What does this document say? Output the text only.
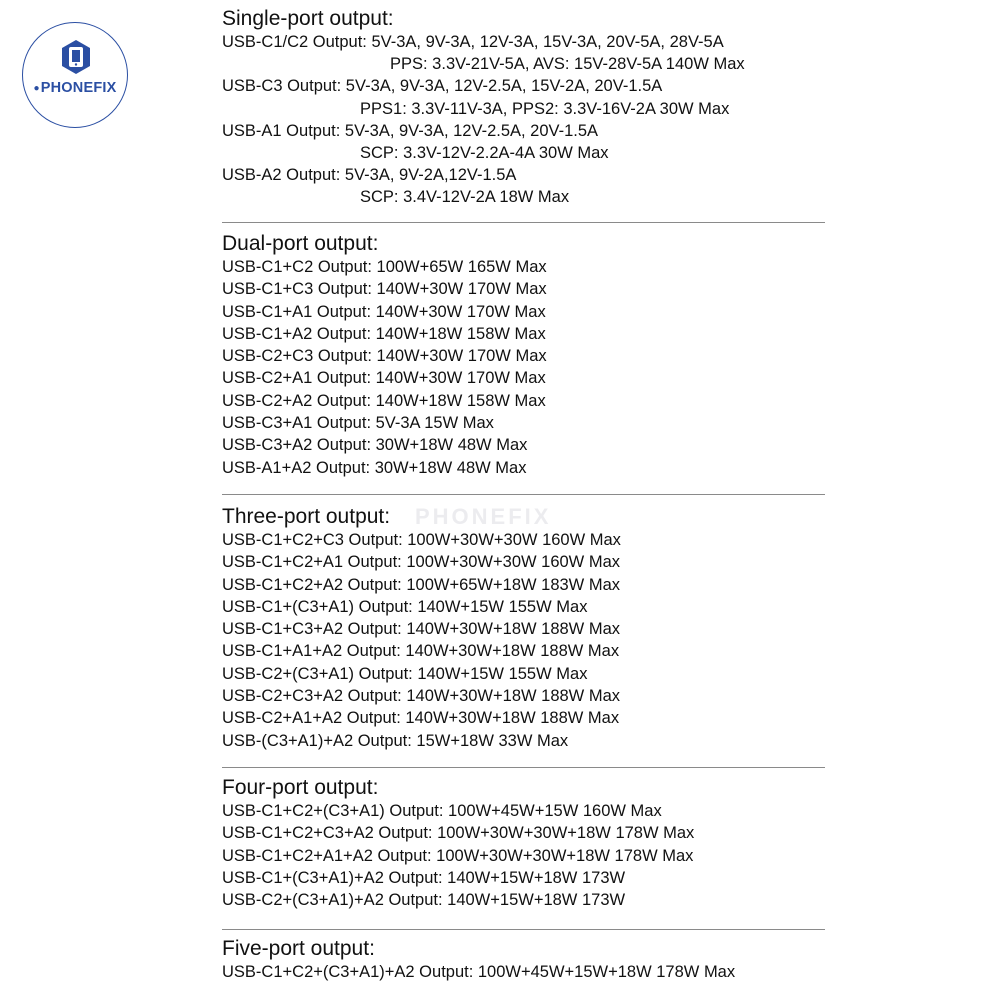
●PHONEFIX
PHONEFIX
Single-port output:
USB-C1/C2 Output: 5V-3A, 9V-3A, 12V-3A, 15V-3A, 20V-5A, 28V-5A
PPS: 3.3V-21V-5A, AVS: 15V-28V-5A 140W Max
USB-C3 Output: 5V-3A, 9V-3A, 12V-2.5A, 15V-2A, 20V-1.5A
PPS1: 3.3V-11V-3A, PPS2: 3.3V-16V-2A 30W Max
USB-A1 Output: 5V-3A, 9V-3A, 12V-2.5A, 20V-1.5A
SCP: 3.3V-12V-2.2A-4A 30W Max
USB-A2 Output: 5V-3A, 9V-2A,12V-1.5A
SCP: 3.4V-12V-2A 18W Max
Dual-port output:
USB-C1+C2 Output: 100W+65W 165W Max
USB-C1+C3 Output: 140W+30W 170W Max
USB-C1+A1 Output: 140W+30W 170W Max
USB-C1+A2 Output: 140W+18W 158W Max
USB-C2+C3 Output: 140W+30W 170W Max
USB-C2+A1 Output: 140W+30W 170W Max
USB-C2+A2 Output: 140W+18W 158W Max
USB-C3+A1 Output: 5V-3A 15W Max
USB-C3+A2 Output: 30W+18W 48W Max
USB-A1+A2 Output: 30W+18W 48W Max
Three-port output:
USB-C1+C2+C3 Output: 100W+30W+30W 160W Max
USB-C1+C2+A1 Output: 100W+30W+30W 160W Max
USB-C1+C2+A2 Output: 100W+65W+18W 183W Max
USB-C1+(C3+A1) Output: 140W+15W 155W Max
USB-C1+C3+A2 Output: 140W+30W+18W 188W Max
USB-C1+A1+A2 Output: 140W+30W+18W 188W Max
USB-C2+(C3+A1) Output: 140W+15W 155W Max
USB-C2+C3+A2 Output: 140W+30W+18W 188W Max
USB-C2+A1+A2 Output: 140W+30W+18W 188W Max
USB-(C3+A1)+A2 Output: 15W+18W 33W Max
Four-port output:
USB-C1+C2+(C3+A1) Output: 100W+45W+15W 160W Max
USB-C1+C2+C3+A2 Output: 100W+30W+30W+18W 178W Max
USB-C1+C2+A1+A2 Output: 100W+30W+30W+18W 178W Max
USB-C1+(C3+A1)+A2 Output: 140W+15W+18W 173W
USB-C2+(C3+A1)+A2 Output: 140W+15W+18W 173W
Five-port output:
USB-C1+C2+(C3+A1)+A2 Output: 100W+45W+15W+18W 178W Max
